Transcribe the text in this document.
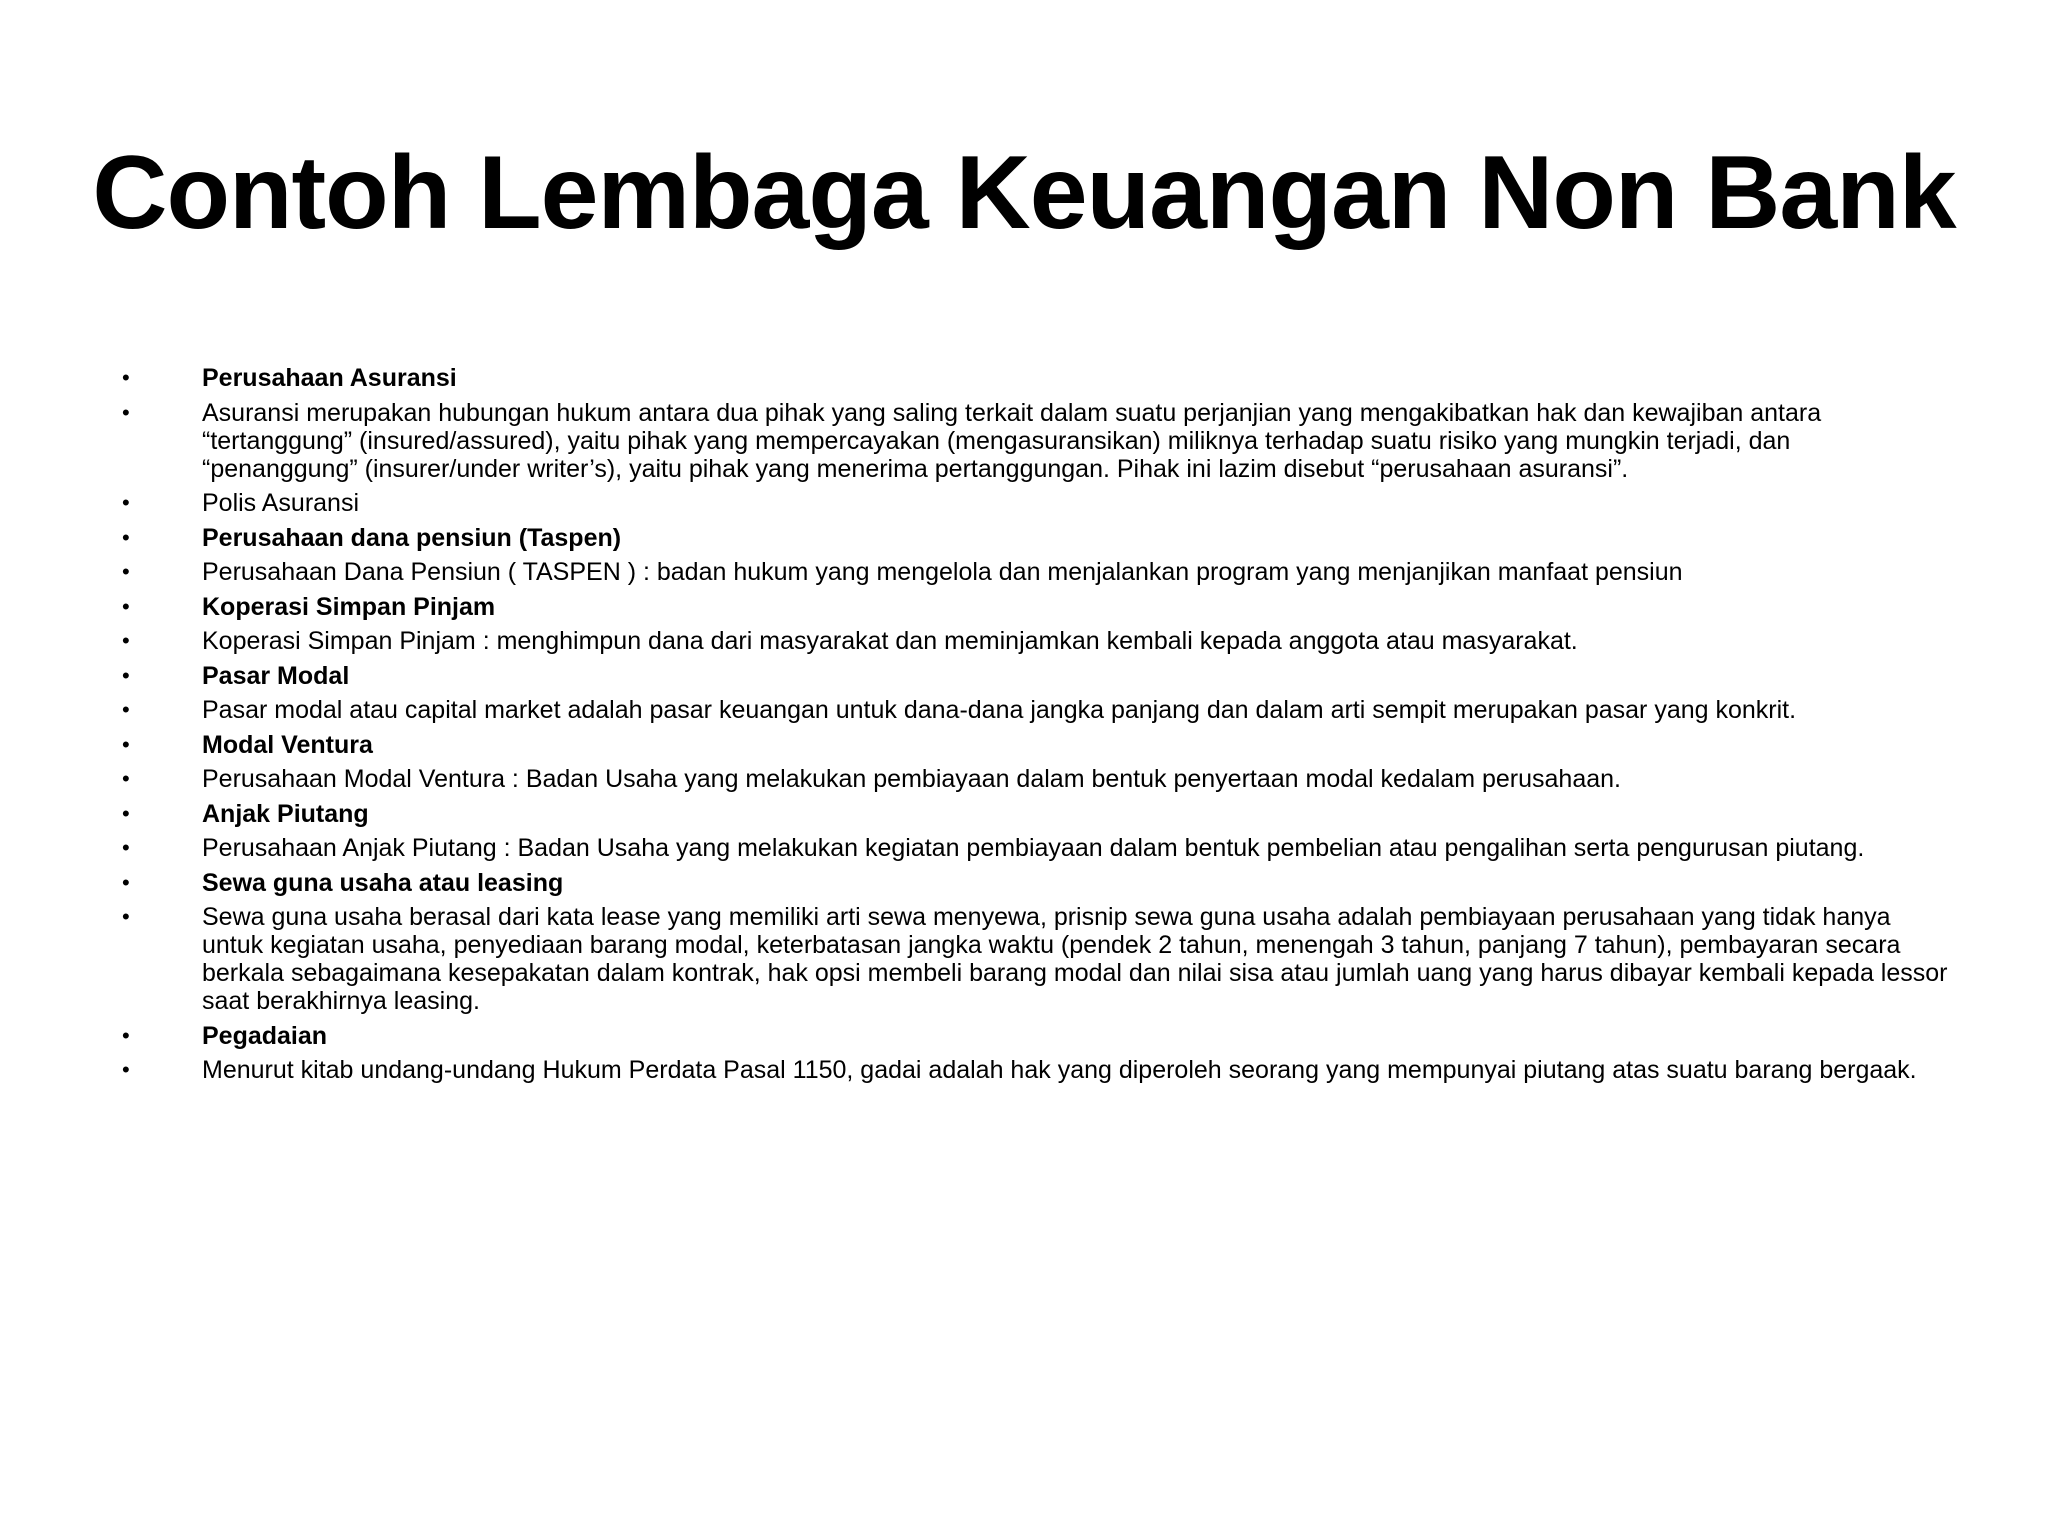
Contoh Lembaga Keuangan Non Bank
•	Perusahaan Asuransi
•	Asuransi merupakan hubungan hukum antara dua pihak yang saling terkait dalam suatu perjanjian yang mengakibatkan hak dan kewajiban antara “tertanggung” (insured/assured), yaitu pihak yang mempercayakan (mengasuransikan) miliknya terhadap suatu risiko yang mungkin terjadi, dan “penanggung” (insurer/under writer’s), yaitu pihak yang menerima pertanggungan. Pihak ini lazim disebut “perusahaan asuransi”.
•	Polis Asuransi
•	Perusahaan dana pensiun (Taspen)
•	Perusahaan Dana Pensiun ( TASPEN ) : badan hukum yang mengelola dan menjalankan program yang menjanjikan manfaat pensiun
•	Koperasi Simpan Pinjam
•	Koperasi Simpan Pinjam : menghimpun dana dari masyarakat dan meminjamkan kembali kepada anggota atau masyarakat.
•	Pasar Modal
•	Pasar modal atau capital market adalah pasar keuangan untuk dana-dana jangka panjang dan dalam arti sempit merupakan pasar yang konkrit.
•	Modal Ventura
•	Perusahaan Modal Ventura : Badan Usaha yang melakukan pembiayaan dalam bentuk penyertaan modal kedalam perusahaan.
•	Anjak Piutang
•	Perusahaan Anjak Piutang : Badan Usaha yang melakukan kegiatan pembiayaan dalam bentuk pembelian atau pengalihan serta pengurusan piutang.
•	Sewa guna usaha atau leasing
•	Sewa guna usaha berasal dari kata lease yang memiliki arti sewa menyewa, prisnip sewa guna usaha adalah pembiayaan perusahaan yang tidak hanya untuk kegiatan usaha, penyediaan barang modal, keterbatasan jangka waktu (pendek 2 tahun, menengah 3 tahun, panjang 7 tahun), pembayaran secara berkala sebagaimana kesepakatan dalam kontrak, hak opsi membeli barang modal dan nilai sisa atau jumlah uang yang harus dibayar kembali kepada lessor saat berakhirnya leasing.
•	Pegadaian
•	Menurut kitab undang-undang Hukum Perdata Pasal 1150, gadai adalah hak yang diperoleh seorang yang mempunyai piutang atas suatu barang bergaak.
